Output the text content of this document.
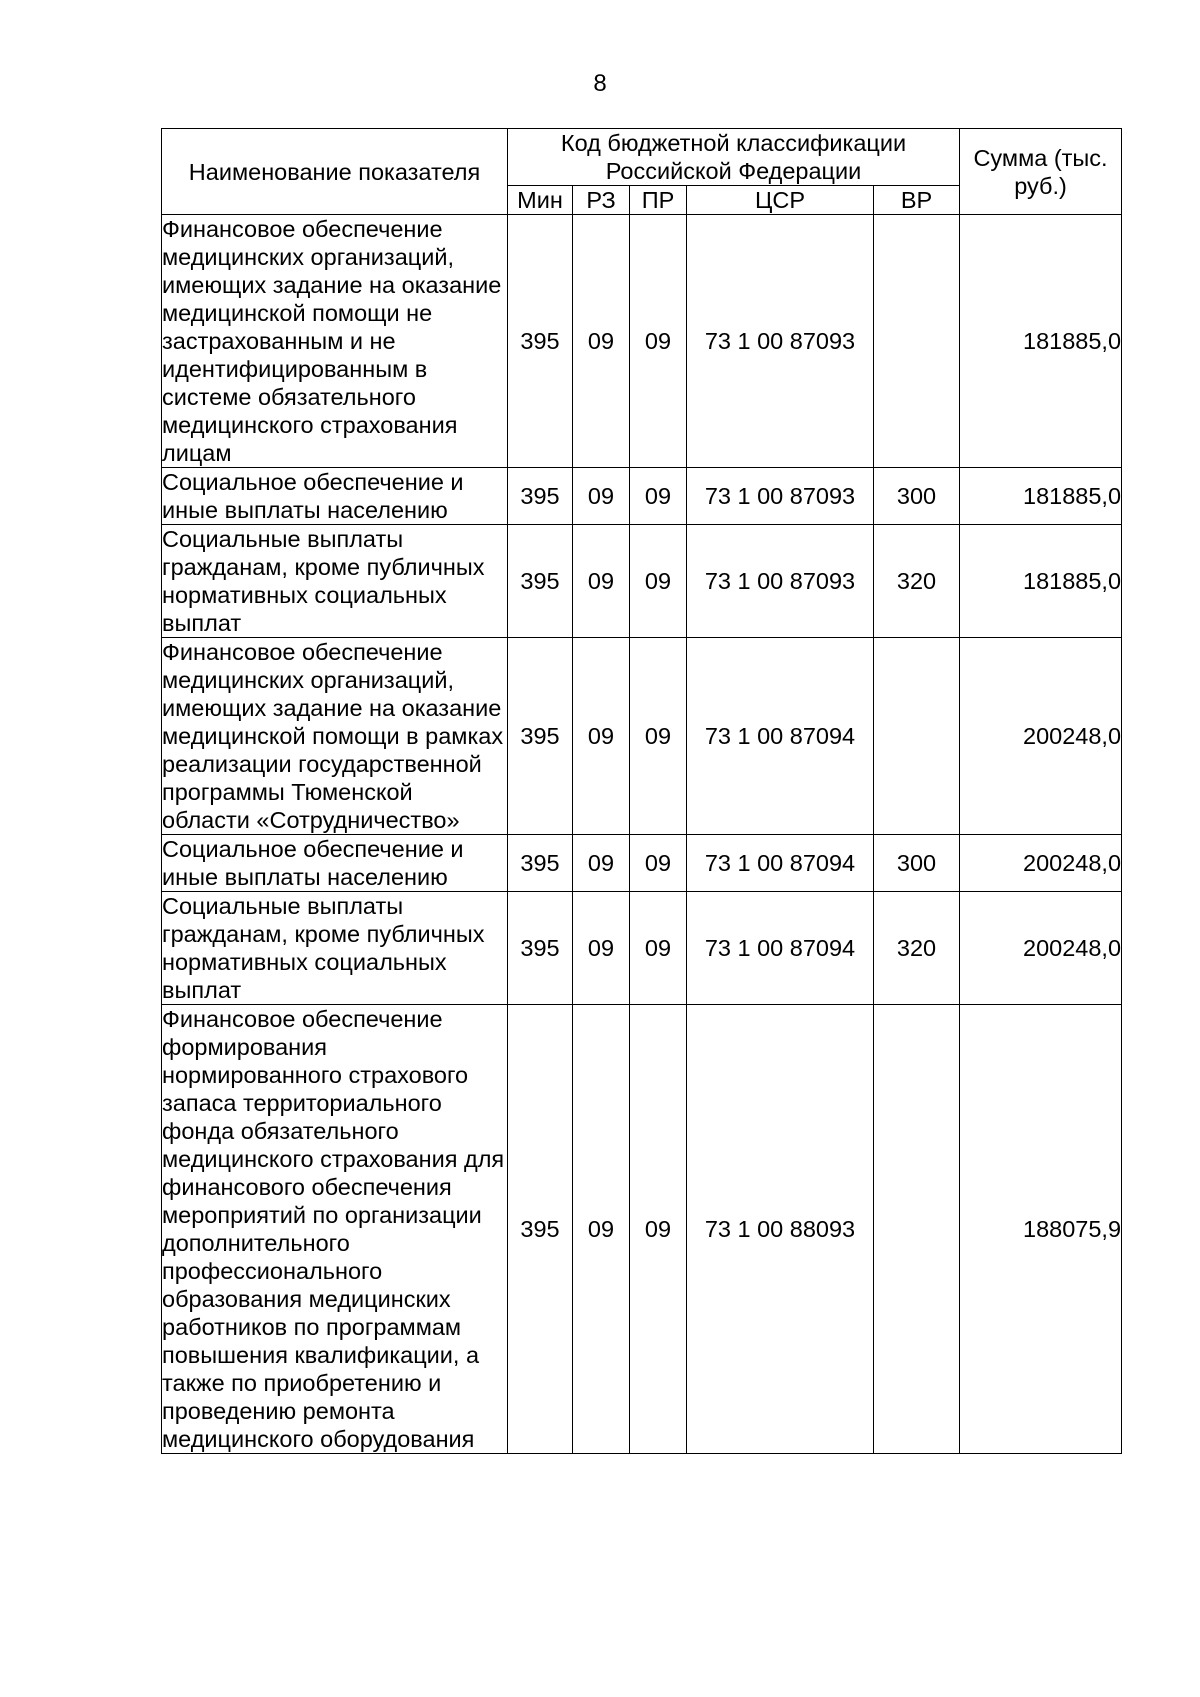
8
Наименование показателя	Код бюджетной классификации Российской Федерации					Сумма (тыс. руб.)
	Мин	РЗ	ПР	ЦСР	ВР	
Финансовое обеспечение медицинских организаций, имеющих задание на оказание медицинской помощи не застрахованным и не идентифицированным в системе обязательного медицинского страхования лицам	395	09	09	73 1 00 87093		181885,0
Социальное обеспечение и иные выплаты населению	395	09	09	73 1 00 87093	300	181885,0
Социальные выплаты гражданам, кроме публичных нормативных социальных выплат	395	09	09	73 1 00 87093	320	181885,0
Финансовое обеспечение медицинских организаций, имеющих задание на оказание медицинской помощи в рамках реализации государственной программы Тюменской области «Сотрудничество»	395	09	09	73 1 00 87094		200248,0
Социальное обеспечение и иные выплаты населению	395	09	09	73 1 00 87094	300	200248,0
Социальные выплаты гражданам, кроме публичных нормативных социальных выплат	395	09	09	73 1 00 87094	320	200248,0
Финансовое обеспечение формирования нормированного страхового запаса территориального фонда обязательного медицинского страхования для финансового обеспечения мероприятий по организации дополнительного профессионального образования медицинских работников по программам повышения квалификации, а также по приобретению и проведению ремонта медицинского оборудования	395	09	09	73 1 00 88093		188075,9
